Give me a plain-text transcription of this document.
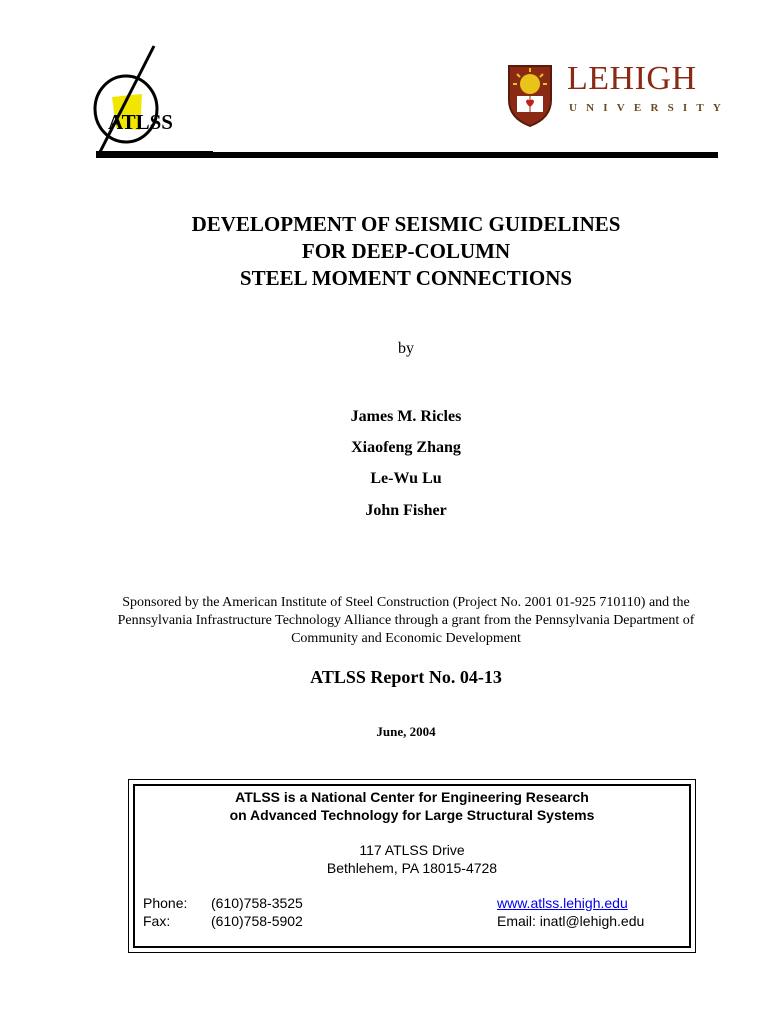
ATLSS
LEHIGH
UNIVERSITY
DEVELOPMENT OF SEISMIC GUIDELINES
FOR DEEP-COLUMN
STEEL MOMENT CONNECTIONS
by
James M. Ricles
Xiaofeng Zhang
Le-Wu Lu
John Fisher
Sponsored by the American Institute of Steel Construction (Project No. 2001 01-925 710110) and the
Pennsylvania Infrastructure Technology Alliance through a grant from the Pennsylvania Department of
Community and Economic Development
ATLSS Report No. 04-13
June, 2004
ATLSS is a National Center for Engineering Research
on Advanced Technology for Large Structural Systems
117 ATLSS Drive
Bethlehem, PA 18015-4728
Phone: (610)758-3525
Fax:	(610)758-5902
www.atlss.lehigh.edu
Email: inatl@lehigh.edu
